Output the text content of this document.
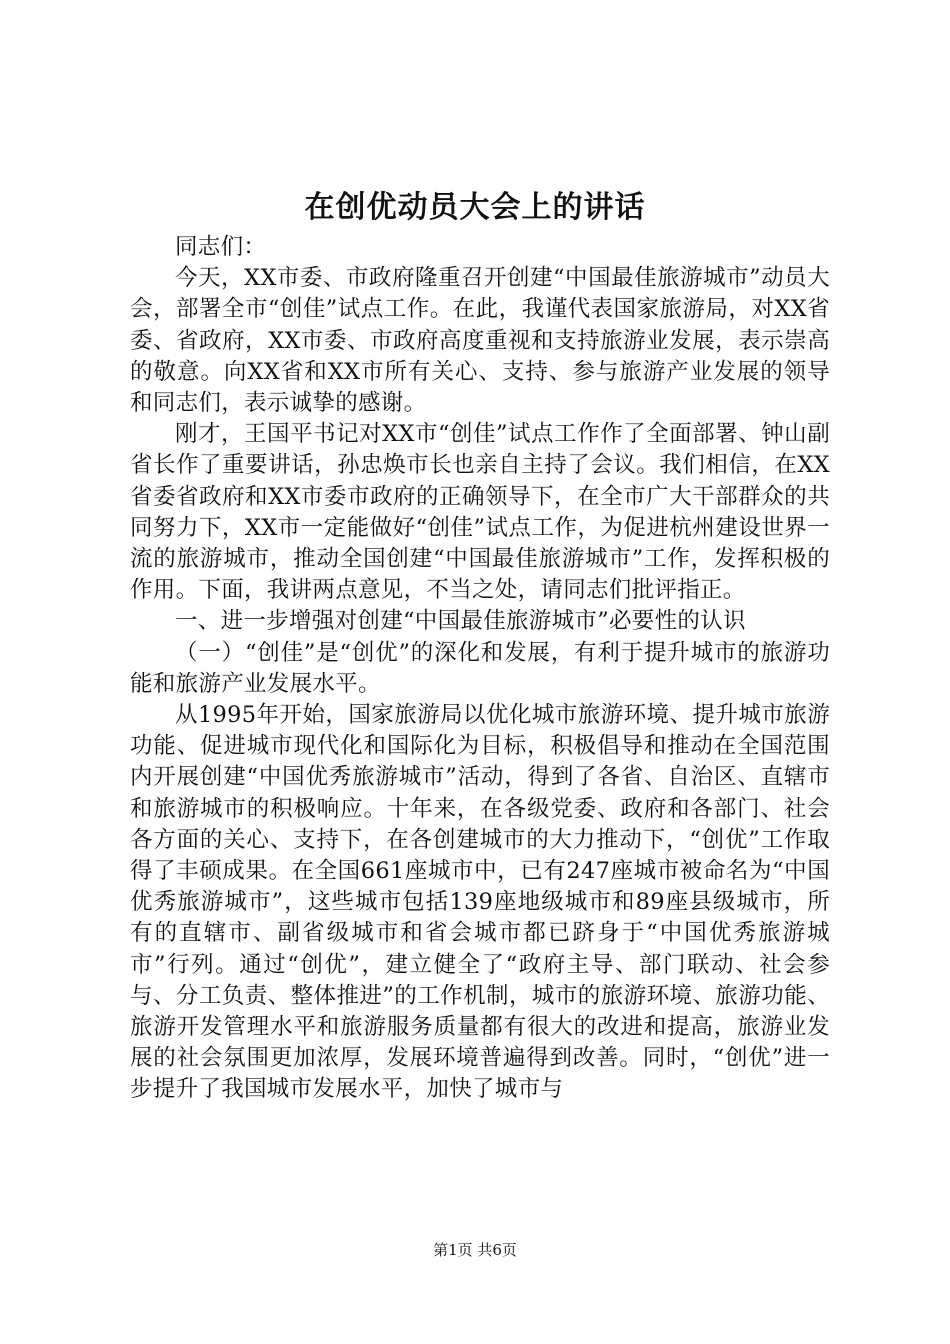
在创优动员大会上的讲话

同志们：

今天，XX市委、市政府隆重召开创建“中国最佳旅游城市”动员大会，部署全市“创佳”试点工作。在此，我谨代表国家旅游局，对XX省委、省政府，XX市委、市政府高度重视和支持旅游业发展，表示崇高的敬意。向XX省和XX市所有关心、支持、参与旅游产业发展的领导和同志们，表示诚挚的感谢。

刚才，王国平书记对XX市“创佳”试点工作作了全面部署、钟山副省长作了重要讲话，孙忠焕市长也亲自主持了会议。我们相信，在XX省委省政府和XX市委市政府的正确领导下，在全市广大干部群众的共同努力下，XX市一定能做好“创佳”试点工作，为促进杭州建设世界一流的旅游城市，推动全国创建“中国最佳旅游城市”工作，发挥积极的作用。下面，我讲两点意见，不当之处，请同志们批评指正。

一、进一步增强对创建“中国最佳旅游城市”必要性的认识

（一）“创佳”是“创优”的深化和发展，有利于提升城市的旅游功能和旅游产业发展水平。

从1995年开始，国家旅游局以优化城市旅游环境、提升城市旅游功能、促进城市现代化和国际化为目标，积极倡导和推动在全国范围内开展创建“中国优秀旅游城市”活动，得到了各省、自治区、直辖市和旅游城市的积极响应。十年来，在各级党委、政府和各部门、社会各方面的关心、支持下，在各创建城市的大力推动下，“创优”工作取得了丰硕成果。在全国661座城市中，已有247座城市被命名为“中国优秀旅游城市”，这些城市包括139座地级城市和89座县级城市，所有的直辖市、副省级城市和省会城市都已跻身于“中国优秀旅游城市”行列。通过“创优”，建立健全了“政府主导、部门联动、社会参与、分工负责、整体推进”的工作机制，城市的旅游环境、旅游功能、旅游开发管理水平和旅游服务质量都有很大的改进和提高，旅游业发展的社会氛围更加浓厚，发展环境普遍得到改善。同时，“创优”进一步提升了我国城市发展水平，加快了城市与

第1页 共6页
